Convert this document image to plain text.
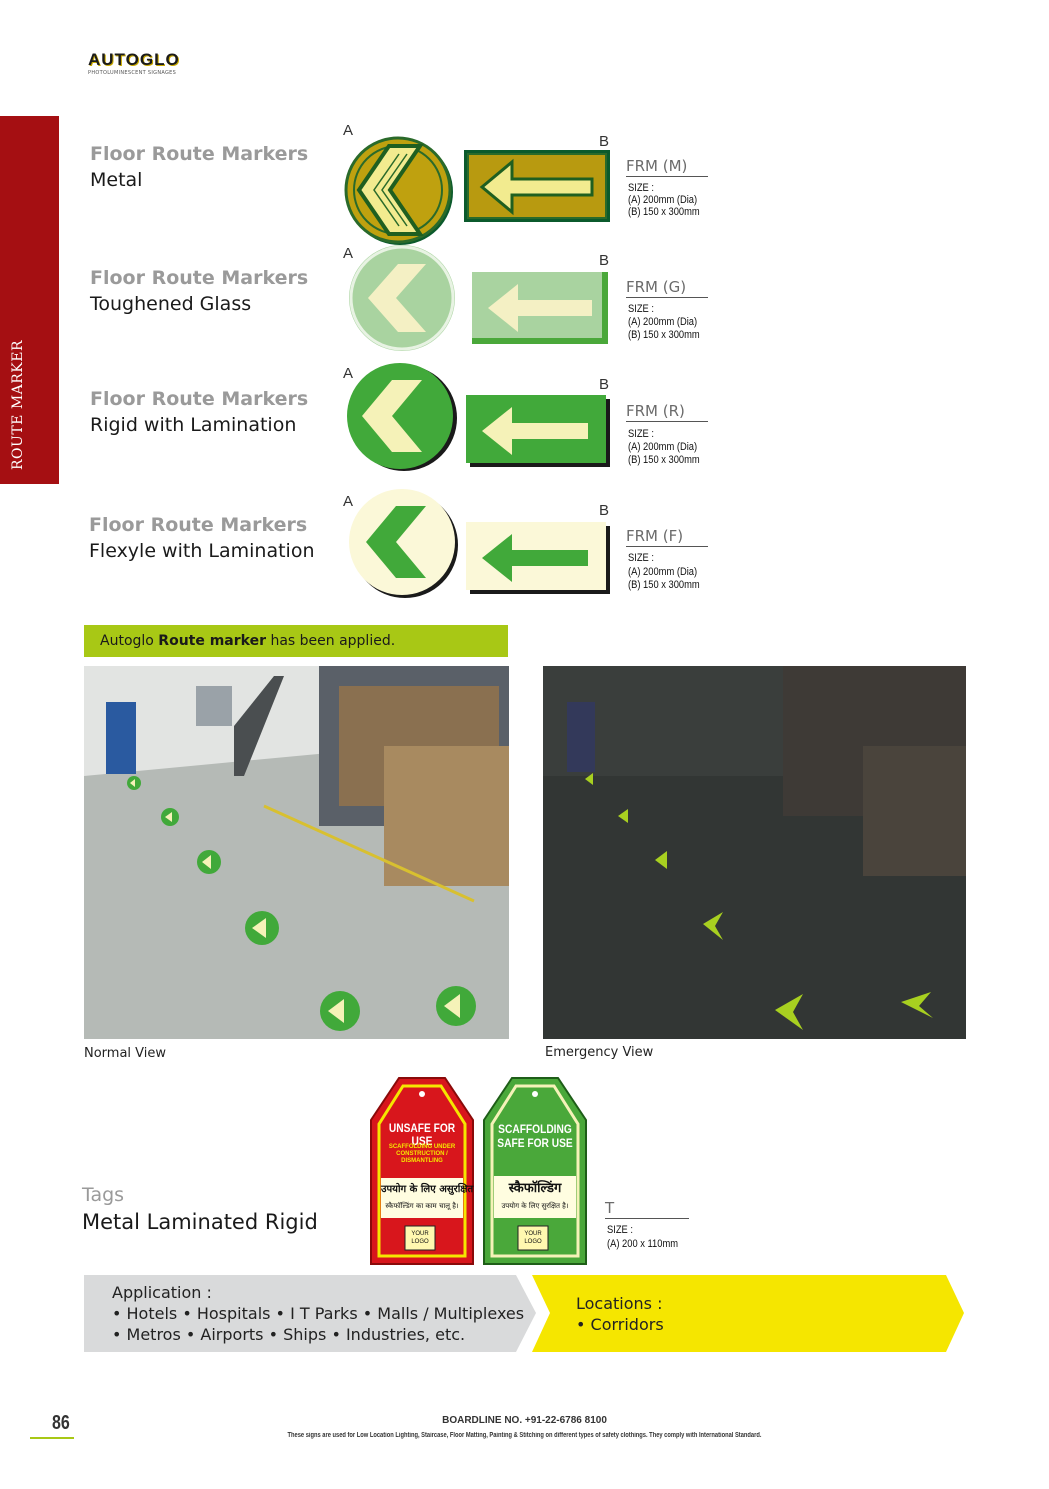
AUTOGLO
PHOTOLUMINESCENT SIGNAGES
ROUTE MARKER
Floor Route Markers
Metal
A
B
FRM (M)
SIZE :
(A) 200mm (Dia)
(B) 150 x 300mm
Floor Route Markers
Toughened Glass
A	B
FRM (G)
SIZE :
(A) 200mm (Dia)
(B) 150 x 300mm
Floor Route Markers
Rigid with Lamination
A
B
FRM (R)
SIZE :
(A) 200mm (Dia)
(B) 150 x 300mm
Floor Route Markers
Flexyle with Lamination
A
B
FRM (F)
SIZE :
(A) 200mm (Dia)
(B) 150 x 300mm
Autoglo Route marker has been applied.
Normal View	Emergency View
Tags
Metal Laminated Rigid
UNSAFE FOR USE
SCAFFOLDING UNDER CONSTRUCTION / DISMANTLING
उपयोग के लिए असुरक्षित
स्कैफॉल्डिंग का काम चालू है।
YOUR LOGO
SCAFFOLDING SAFE FOR USE
स्कैफॉल्डिंग
उपयोग के लिए सुरक्षित है।
YOUR LOGO
T
SIZE :
(A) 200 x 110mm
Application :
• Hotels • Hospitals • I T Parks • Malls / Multiplexes
• Metros • Airports • Ships • Industries, etc.
Locations :
• Corridors
86	BOARDLINE NO. +91-22-6786 8100
These signs are used for Low Location Lighting, Staircase, Floor Matting, Painting & Stitching on different types of safety clothings. They comply with International Standard.
